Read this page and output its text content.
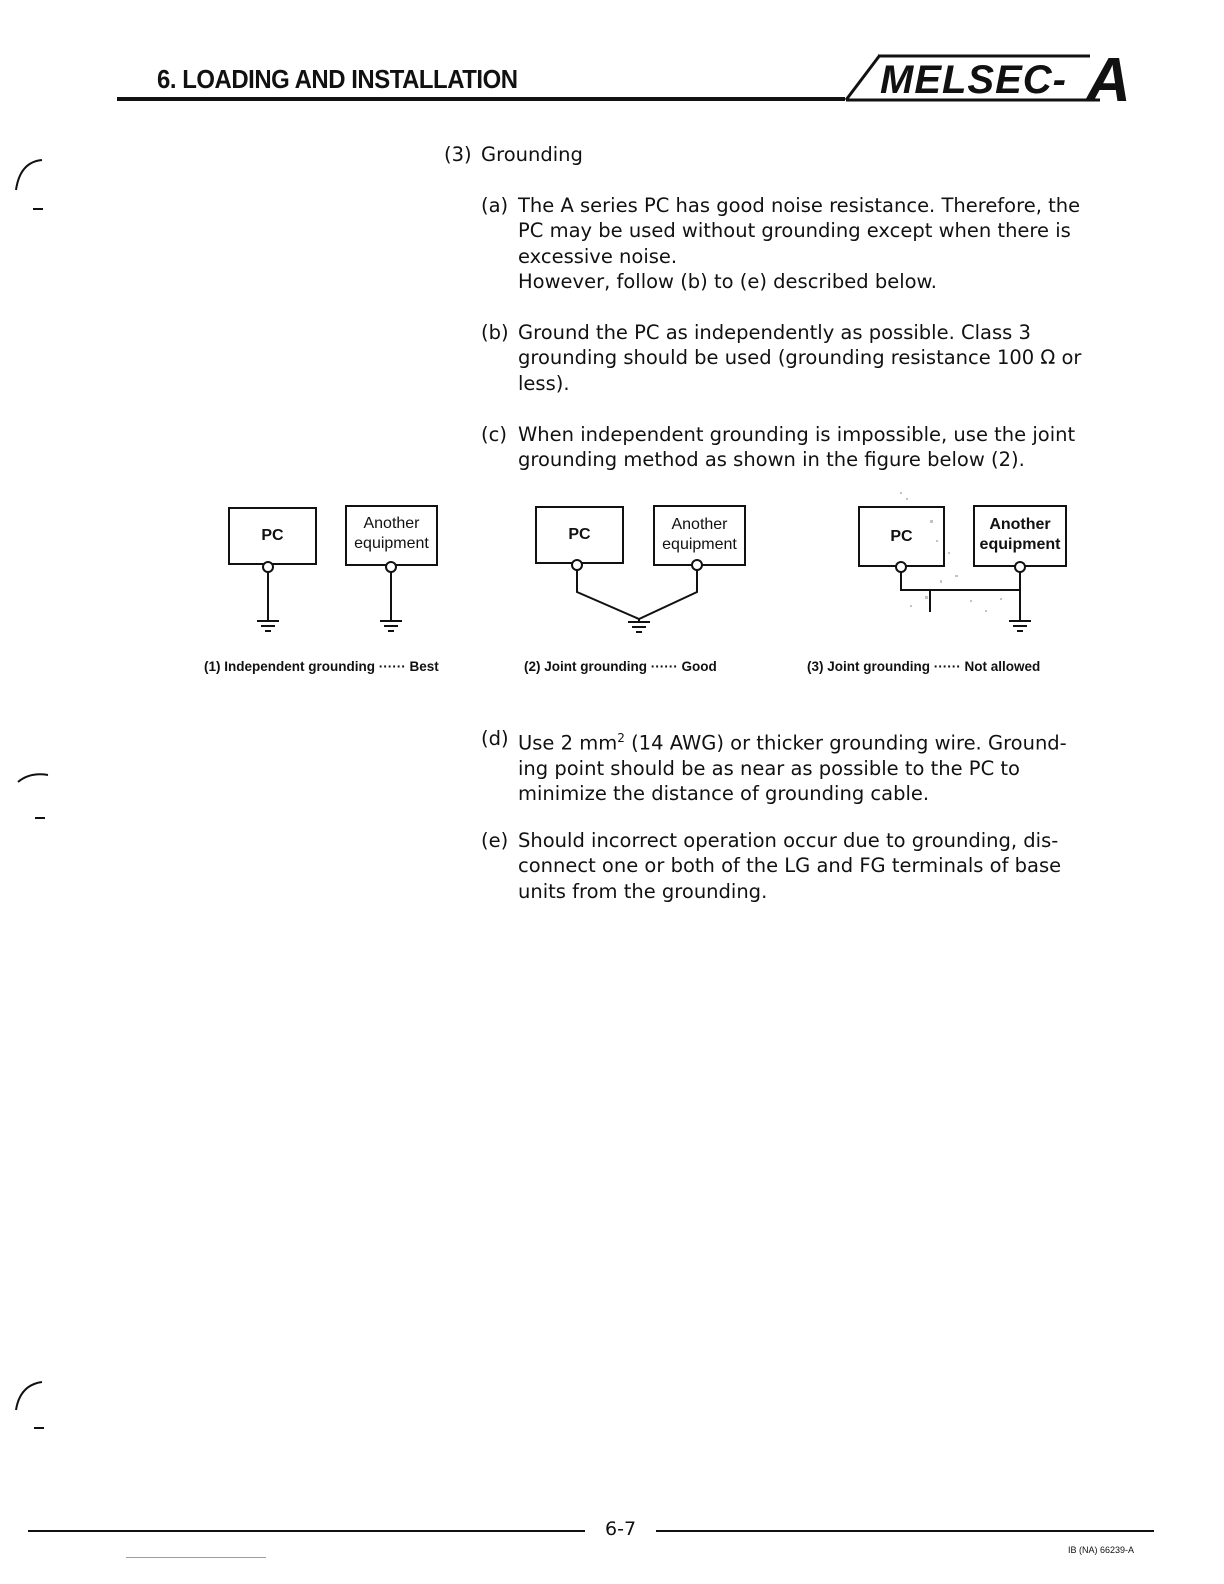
6. LOADING AND INSTALLATION	MELSEC- A
(3) Grounding
(a) The A series PC has good noise resistance. Therefore, the
PC may be used without grounding except when there is
excessive noise.
However, follow (b) to (e) described below.
(b) Ground the PC as independently as possible. Class 3
grounding should be used (grounding resistance 100 Ω or
less).
(c) When independent grounding is impossible, use the joint
grounding method as shown in the figure below (2).
PC
Another
equipment
PC
Another
equipment	PC
Another
equipment
(1) Independent grounding ······ Best	(2) Joint grounding ······ Good	(3) Joint grounding ······ Not allowed
(d) Use 2 $mm^2$ (14 AWG) or thicker grounding wire. Ground-
ing point should be as near as possible to the PC to
minimize the distance of grounding cable.
(e) Should incorrect operation occur due to grounding, dis-
connect one or both of the LG and FG terminals of base
units from the grounding.
6-7
IB (NA) 66239-A
